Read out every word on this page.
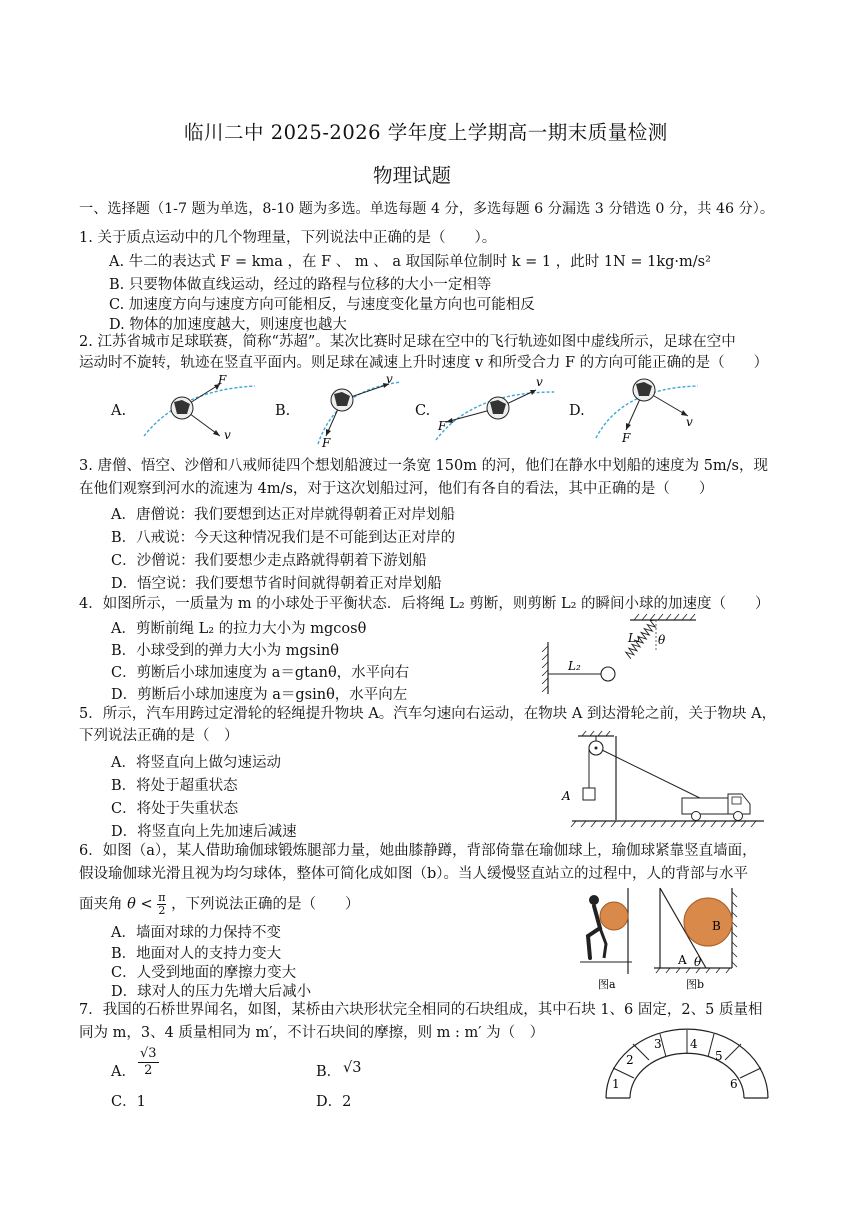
临川二中 2025-2026 学年度上学期高一期末质量检测
物理试题
一、选择题（1-7 题为单选，8-10 题为多选。单选每题 4 分，多选每题 6 分漏选 3 分错选 0 分，共 46 分）。
1. 关于质点运动中的几个物理量，下列说法中正确的是（　　）。
A. 牛二的表达式 F = kma ，在 F 、 m 、 a 取国际单位制时 k = 1 ，此时 1N = 1kg·m/s²
B. 只要物体做直线运动，经过的路程与位移的大小一定相等
C. 加速度方向与速度方向可能相反，与速度变化量方向也可能相反
D. 物体的加速度越大，则速度也越大
2. 江苏省城市足球联赛，简称“苏超”。某次比赛时足球在空中的飞行轨迹如图中虚线所示，足球在空中
运动时不旋转，轨迹在竖直平面内。则足球在减速上升时速度 v 和所受合力 F 的方向可能正确的是（　　）
A.	B.	C.	D.
F
v
v
F
v
F	v
F
3. 唐僧、悟空、沙僧和八戒师徒四个想划船渡过一条宽 150m 的河，他们在静水中划船的速度为 5m/s，现
在他们观察到河水的流速为 4m/s，对于这次划船过河，他们有各自的看法，其中正确的是（　　）
A．唐僧说：我们要想到达正对岸就得朝着正对岸划船
B．八戒说：今天这种情况我们是不可能到达正对岸的
C．沙僧说：我们要想少走点路就得朝着下游划船
D．悟空说：我们要想节省时间就得朝着正对岸划船
4．如图所示，一质量为 m 的小球处于平衡状态．后将绳 L₂ 剪断，则剪断 L₂ 的瞬间小球的加速度（　　）
A．剪断前绳 L₂ 的拉力大小为 mgcosθ
B．小球受到的弹力大小为 mgsinθ
C．剪断后小球加速度为 a＝gtanθ，水平向右
D．剪断后小球加速度为 a＝gsinθ，水平向左
L₁
L₂
θ
5．所示，汽车用跨过定滑轮的轻绳提升物块 A。汽车匀速向右运动，在物块 A 到达滑轮之前，关于物块 A，
下列说法正确的是（　）
A．将竖直向上做匀速运动
B．将处于超重状态
C．将处于失重状态
D．将竖直向上先加速后减速
A
6．如图（a），某人借助瑜伽球锻炼腿部力量，她曲膝静蹲，背部倚靠在瑜伽球上，瑜伽球紧靠竖直墙面，
假设瑜伽球光滑且视为均匀球体，整体可简化成如图（b）。当人缓慢竖直站立的过程中，人的背部与水平
面夹角 $\theta < \frac{\pi}{2}$ ，下列说法正确的是（　　）
A．墙面对球的力保持不变
B．地面对人的支持力变大
C．人受到地面的摩擦力变大
D．球对人的压力先增大后减小	图a
B
A θ
图b
7．我国的石桥世界闻名，如图，某桥由六块形状完全相同的石块组成，其中石块 1、6 固定，2、5 质量相
同为 m，3、4 质量相同为 m′，不计石块间的摩擦，则 m : m′ 为（　）
A． $\frac{√3}{2}$	B． √3
C．1	D．2
1
2
3 4
5
6
